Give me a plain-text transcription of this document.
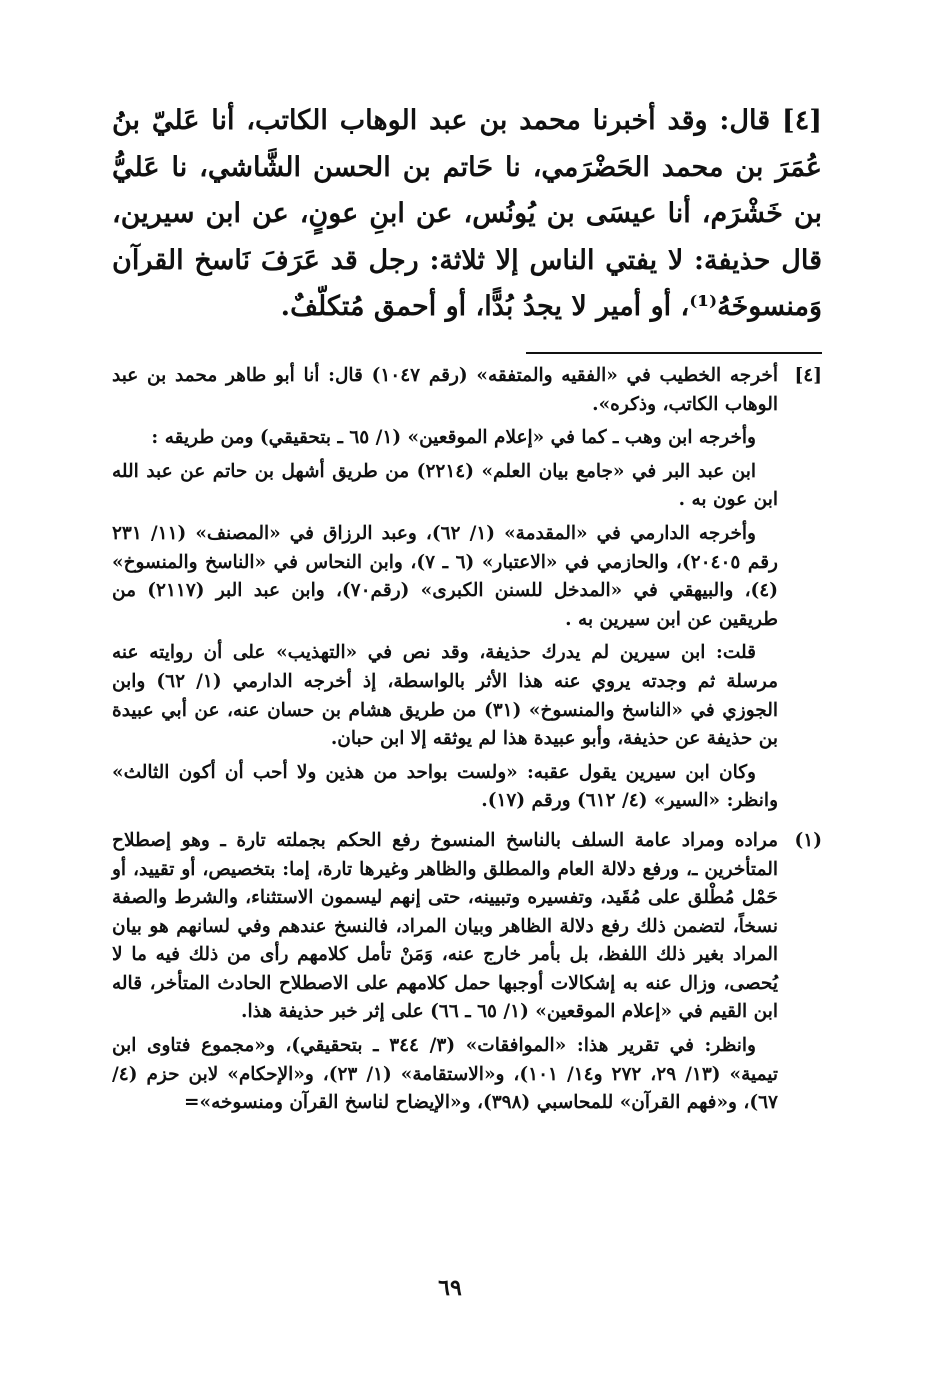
[٤] قال: وقد أخبرنا محمد بن عبد الوهاب الكاتب، أنا عَليّ بنُ عُمَرَ بن محمد الحَضْرَمي، نا حَاتم بن الحسن الشَّاشي، نا عَليُّ بن خَشْرَم، أنا عيسَى بن يُونُس، عن ابنِ عونٍ، عن ابن سيرين، قال حذيفة: لا يفتي الناس إلا ثلاثة: رجل قد عَرَفَ نَاسخ القرآن وَمنسوخَهُ⁽¹⁾، أو أمير لا يجدُ بُدًّا، أو أحمق مُتكلّفٌ.

[٤]

أخرجه الخطيب في «الفقيه والمتفقه» (رقم ١٠٤٧) قال: أنا أبو طاهر محمد بن عبد الوهاب الكاتب، وذكره».

وأخرجه ابن وهب ـ كما في «إعلام الموقعين» (١/ ٦٥ ـ بتحقيقي) ومن طريقه :

ابن عبد البر في «جامع بيان العلم» (٢٢١٤) من طريق أشهل بن حاتم عن عبد الله ابن عون به .

وأخرجه الدارمي في «المقدمة» (١/ ٦٢)، وعبد الرزاق في «المصنف» (١١/ ٢٣١ رقم ٢٠٤٠٥)، والحازمي في «الاعتبار» (٦ ـ ٧)، وابن النحاس في «الناسخ والمنسوخ» (٤)، والبيهقي في «المدخل للسنن الكبرى» (رقم٧٠)، وابن عبد البر (٢١١٧) من طريقين عن ابن سيرين به .

قلت: ابن سيرين لم يدرك حذيفة، وقد نص في «التهذيب» على أن روايته عنه مرسلة ثم وجدته يروي عنه هذا الأثر بالواسطة، إذ أخرجه الدارمي (١/ ٦٢) وابن الجوزي في «الناسخ والمنسوخ» (٣١) من طريق هشام بن حسان عنه، عن أبي عبيدة بن حذيفة عن حذيفة، وأبو عبيدة هذا لم يوثقه إلا ابن حبان.

وكان ابن سيرين يقول عقبه: «ولست بواحد من هذين ولا أحب أن أكون الثالث» وانظر: «السير» (٤/ ٦١٢) ورقم (١٧).

(١)

مراده ومراد عامة السلف بالناسخ المنسوخ رفع الحكم بجملته تارة ـ وهو إصطلاح المتأخرين ـ، ورفع دلالة العام والمطلق والظاهر وغيرها تارة، إما: بتخصيص، أو تقييد، أو حَمْل مُطْلق على مُقَيد، وتفسيره وتبيينه، حتى إنهم ليسمون الاستثناء، والشرط والصفة نسخاً، لتضمن ذلك رفع دلالة الظاهر وبيان المراد، فالنسخ عندهم وفي لسانهم هو بيان المراد بغير ذلك اللفظ، بل بأمر خارج عنه، وَمَنْ تأمل كلامهم رأى من ذلك فيه ما لا يُحصى، وزال عنه به إشكالات أوجبها حمل كلامهم على الاصطلاح الحادث المتأخر، قاله ابن القيم في «إعلام الموقعين» (١/ ٦٥ ـ ٦٦) على إثر خبر حذيفة هذا.

وانظر: في تقرير هذا: «الموافقات» (٣/ ٣٤٤ ـ بتحقيقي)، و«مجموع فتاوى ابن تيمية» (١٣/ ٢٩، ٢٧٢ و١٤/ ١٠١)، و«الاستقامة» (١/ ٢٣)، و«الإحكام» لابن حزم (٤/ ٦٧)، و«فهم القرآن» للمحاسبي (٣٩٨)، و«الإيضاح لناسخ القرآن ومنسوخه»=

٦٩
